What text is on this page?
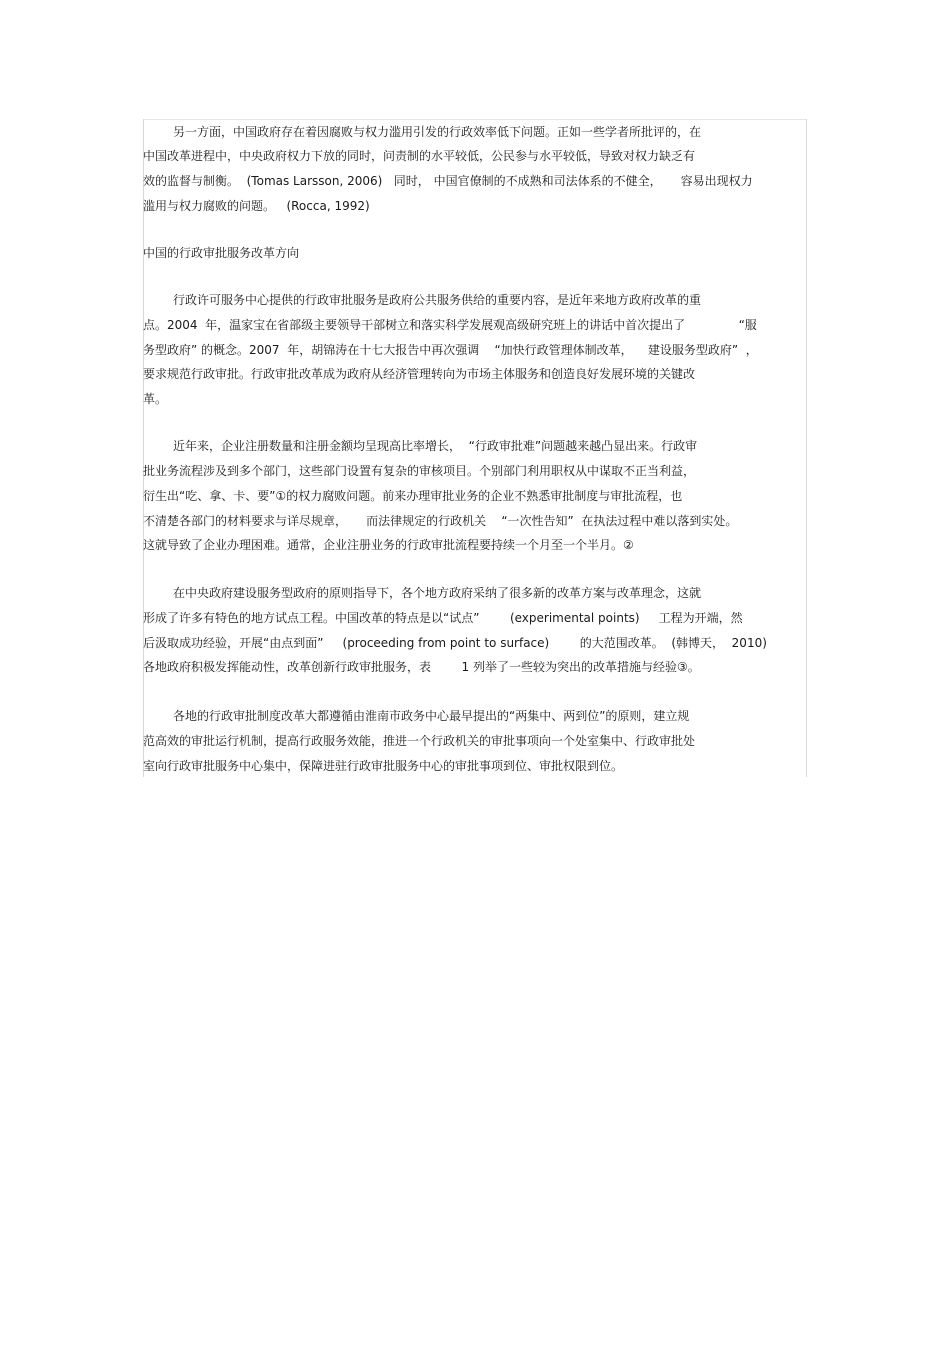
另一方面，中国政府存在着因腐败与权力滥用引发的行政效率低下问题。正如一些学者所批评的，在
中国改革进程中，中央政府权力下放的同时，问责制的水平较低，公民参与水平较低，导致对权力缺乏有
效的监督与制衡。  (Tomas Larsson, 2006)   同时， 中国官僚制的不成熟和司法体系的不健全，     容易出现权力
滥用与权力腐败的问题。   (Rocca, 1992)
中国的行政审批服务改革方向
行政许可服务中心提供的行政审批服务是政府公共服务供给的重要内容，是近年来地方政府改革的重
点。2004  年，温家宝在省部级主要领导干部树立和落实科学发展观高级研究班上的讲话中首次提出了              “服
务型政府” 的概念。2007  年，胡锦涛在十七大报告中再次强调    “加快行政管理体制改革，    建设服务型政府”  ，
要求规范行政审批。行政审批改革成为政府从经济管理转向为市场主体服务和创造良好发展环境的关键改
革。
近年来，企业注册数量和注册金额均呈现高比率增长，  “行政审批难”问题越来越凸显出来。行政审
批业务流程涉及到多个部门，这些部门设置有复杂的审核项目。个别部门利用职权从中谋取不正当利益，
衍生出“吃、拿、卡、要”①的权力腐败问题。前来办理审批业务的企业不熟悉审批制度与审批流程，也
不清楚各部门的材料要求与详尽规章，     而法律规定的行政机关    “一次性告知”  在执法过程中难以落到实处。
这就导致了企业办理困难。通常，企业注册业务的行政审批流程要持续一个月至一个半月。②
在中央政府建设服务型政府的原则指导下，各个地方政府采纳了很多新的改革方案与改革理念，这就
形成了许多有特色的地方试点工程。中国改革的特点是以“试点”        (experimental points)     工程为开端，然
后汲取成功经验，开展“由点到面”     (proceeding from point to surface)        的大范围改革。  (韩博天，  2010)
各地政府积极发挥能动性，改革创新行政审批服务，表        1 列举了一些较为突出的改革措施与经验③。
各地的行政审批制度改革大都遵循由淮南市政务中心最早提出的“两集中、两到位”的原则，建立规
范高效的审批运行机制，提高行政服务效能，推进一个行政机关的审批事项向一个处室集中、行政审批处
室向行政审批服务中心集中，保障进驻行政审批服务中心的审批事项到位、审批权限到位。
